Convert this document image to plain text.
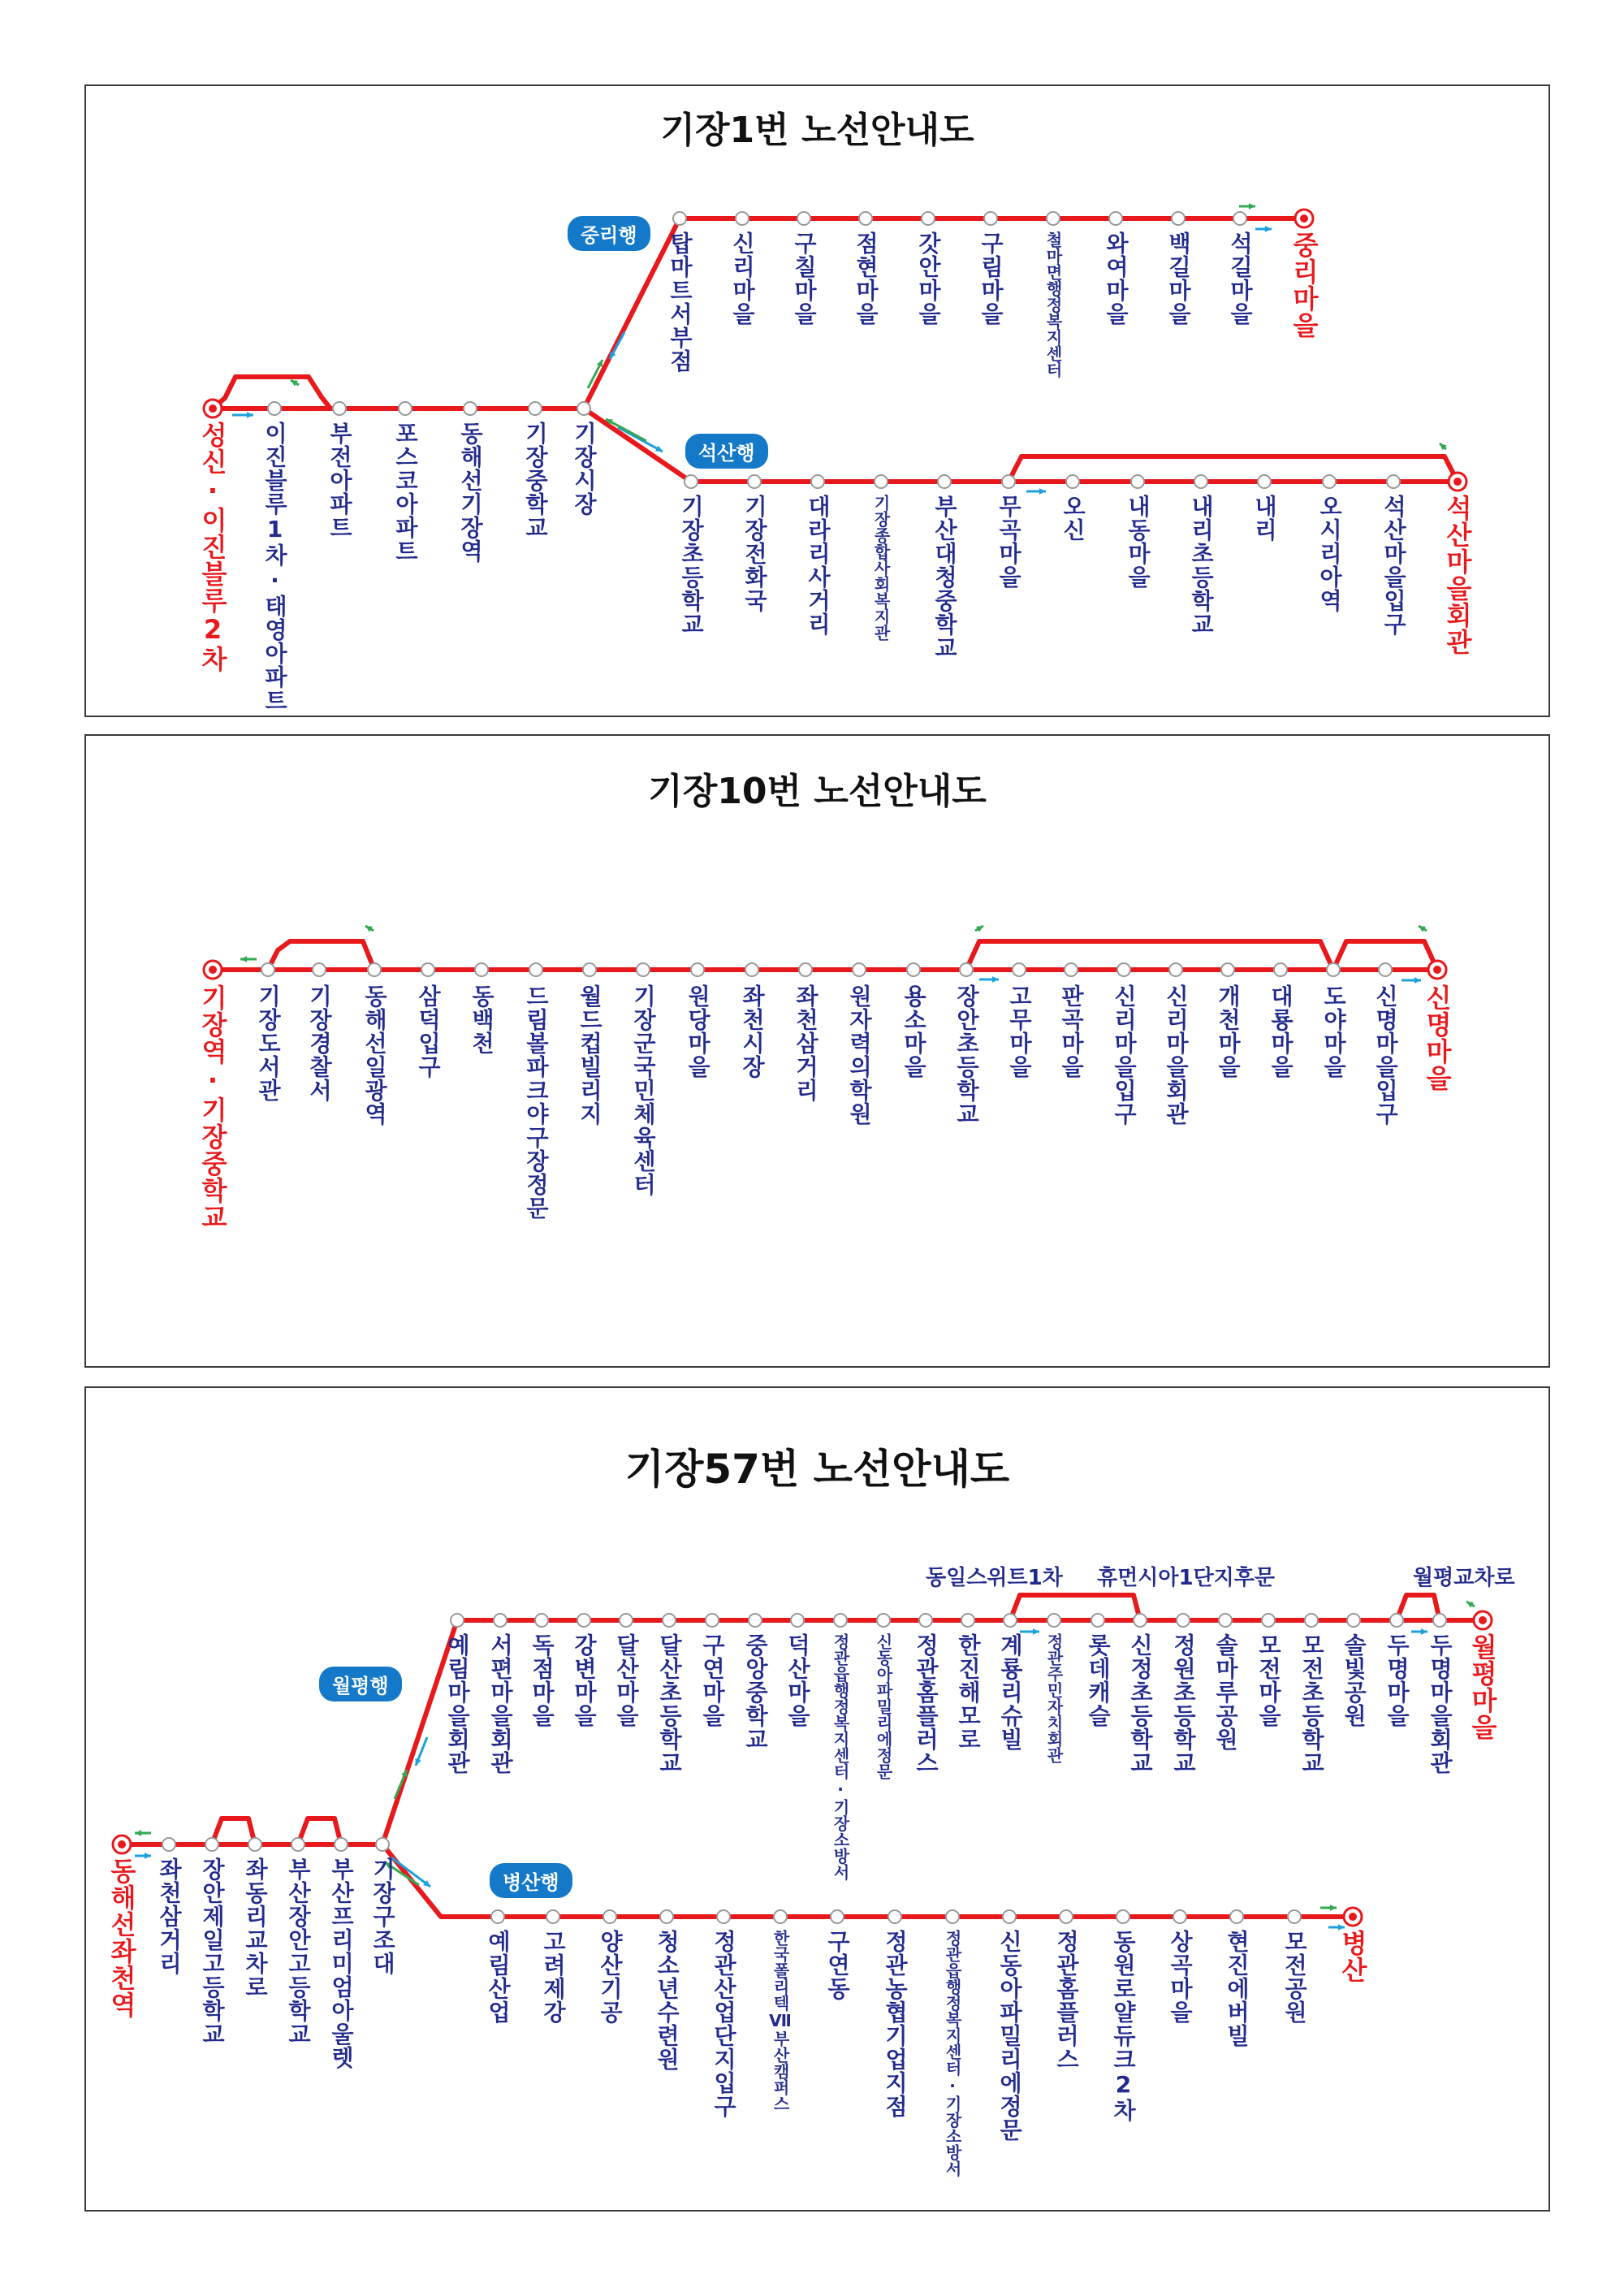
기장1번 노선안내도
중리행
석산행
성신·이진블루2차 이진블루1차·태영아파트 부전아파트 포스코아파트 동해선기장역 기장중학교 기장시장
탑마트서부점 신리마을 구칠마을 점현마을 갓안마을 구림마을 철마면행정복지센터 와여마을 백길마을 석길마을 중리마을
기장초등학교 기장전화국 대라리사거리 기장종합사회복지관 부산대청중학교 무곡마을 오신 내동마을 내리초등학교 내리 오시리아역 석산마을입구 석산마을회관
기장10번 노선안내도
기장역·기장중학교 기장도서관 기장경찰서 동해선일광역 삼덕입구 동백천 드림볼파크야구장정문 월드컵빌리지 기장군국민체육센터 원당마을 좌천시장 좌천삼거리 원자력의학원 용소마을 장안초등학교 고무마을 판곡마을 신리마을입구 신리마을회관 개천마을 대룡마을 도야마을 신명마을입구 신명마을
기장57번 노선안내도
월평행
병산행
동일스위트1차 휴먼시아1단지후문	월평교차로
동해선좌천역 좌천삼거리 장안제일고등학교 좌동리교차로 부산장안고등학교 부산프리미엄아울렛 기장구조대
예림마을회관 서편마을회관 독점마을 강변마을 달산마을 달산초등학교 구연마을 중앙중학교 덕산마을 정관읍행정복지센터·기장소방서 신동아파밀리에정문 정관홈플러스 한진해모로 계룡리슈빌 정관주민자치회관 롯데캐슬 신정초등학교 정원초등학교 솔마루공원 모전마을 모전초등학교 솔빛공원 두명마을 두명마을회관 월평마을
예림산업 고려제강 양산기공 청소년수련원 정관산업단지입구 한국폴리텍Ⅶ부산캠퍼스 구연동 정관농협기업지점 정관읍행정복지센터·기장소방서 신동아파밀리에정문 정관홈플러스 동원로얄듀크2차 상곡마을 현진에버빌 모전공원 병산
